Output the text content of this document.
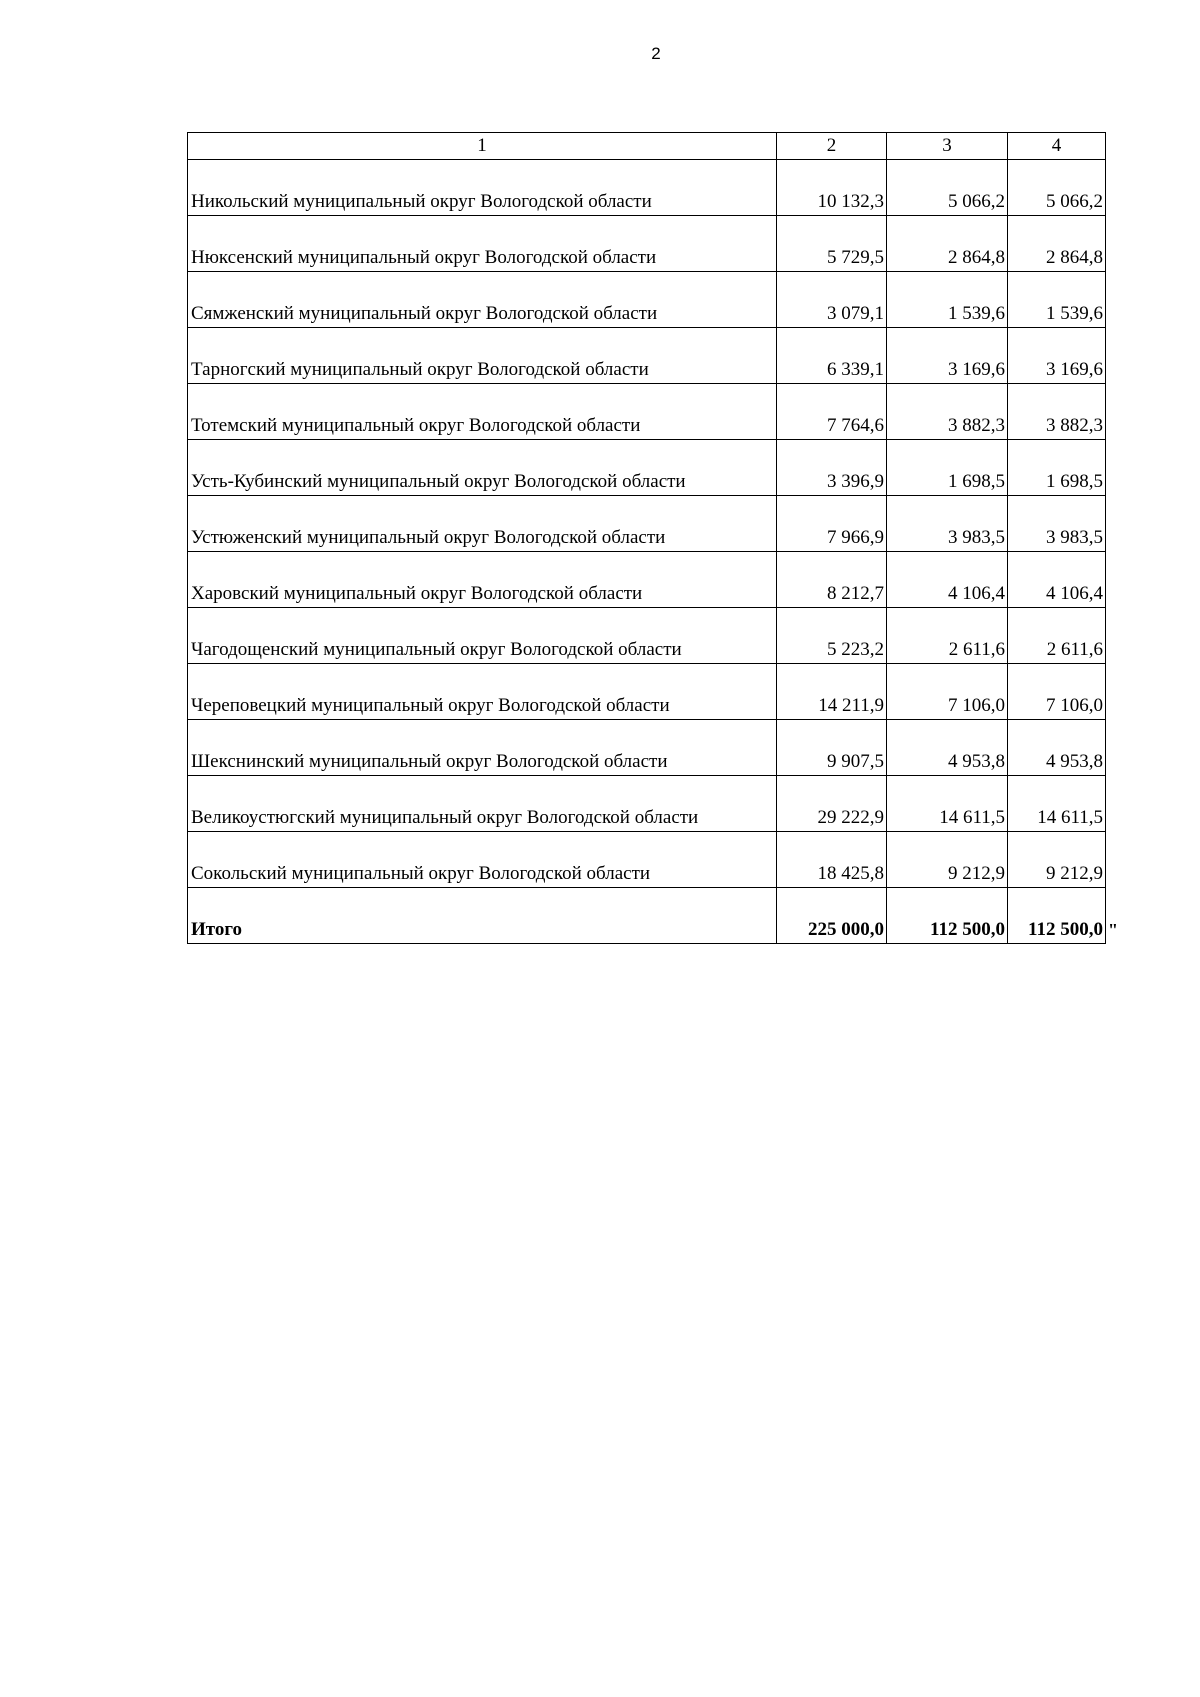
2
1	2	3	4
Никольский муниципальный округ Вологодской области	10 132,3	5 066,2	5 066,2
Нюксенский муниципальный округ Вологодской области	5 729,5	2 864,8	2 864,8
Сямженский муниципальный округ Вологодской области	3 079,1	1 539,6	1 539,6
Тарногский муниципальный округ Вологодской области	6 339,1	3 169,6	3 169,6
Тотемский муниципальный округ Вологодской области	7 764,6	3 882,3	3 882,3
Усть-Кубинский муниципальный округ Вологодской области	3 396,9	1 698,5	1 698,5
Устюженский муниципальный округ Вологодской области	7 966,9	3 983,5	3 983,5
Харовский муниципальный округ Вологодской области	8 212,7	4 106,4	4 106,4
Чагодощенский муниципальный округ Вологодской области	5 223,2	2 611,6	2 611,6
Череповецкий муниципальный округ Вологодской области	14 211,9	7 106,0	7 106,0
Шекснинский муниципальный округ Вологодской области	9 907,5	4 953,8	4 953,8
Великоустюгский муниципальный округ Вологодской области	29 222,9	14 611,5	14 611,5
Сокольский муниципальный округ Вологодской области	18 425,8	9 212,9	9 212,9
Итого	225 000,0	112 500,0	112 500,0 "
